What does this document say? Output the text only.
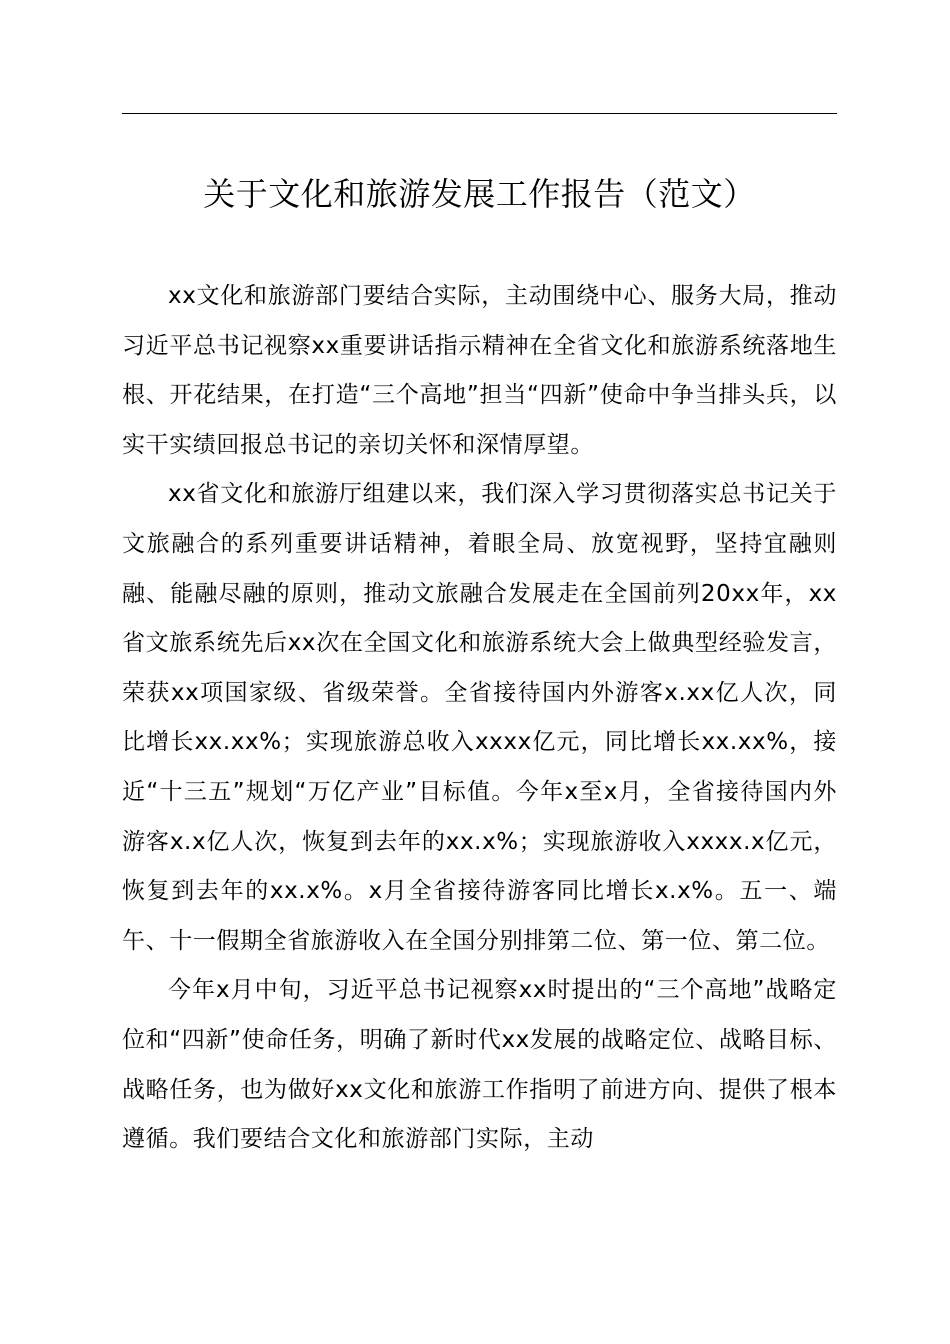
关于文化和旅游发展工作报告（范文）

xx文化和旅游部门要结合实际，主动围绕中心、服务大局，推动习近平总书记视察xx重要讲话指示精神在全省文化和旅游系统落地生根、开花结果，在打造“三个高地”担当“四新”使命中争当排头兵，以实干实绩回报总书记的亲切关怀和深情厚望。

xx省文化和旅游厅组建以来，我们深入学习贯彻落实总书记关于文旅融合的系列重要讲话精神，着眼全局、放宽视野，坚持宜融则融、能融尽融的原则，推动文旅融合发展走在全国前列20xx年，xx省文旅系统先后xx次在全国文化和旅游系统大会上做典型经验发言，荣获xx项国家级、省级荣誉。全省接待国内外游客x.xx亿人次，同比增长xx.xx%；实现旅游总收入xxxx亿元，同比增长xx.xx%，接近“十三五”规划“万亿产业”目标值。今年x至x月，全省接待国内外游客x.x亿人次，恢复到去年的xx.x%；实现旅游收入xxxx.x亿元，恢复到去年的xx.x%。x月全省接待游客同比增长x.x%。五一、端午、十一假期全省旅游收入在全国分别排第二位、第一位、第二位。

今年x月中旬，习近平总书记视察xx时提出的“三个高地”战略定位和“四新”使命任务，明确了新时代xx发展的战略定位、战略目标、战略任务，也为做好xx文化和旅游工作指明了前进方向、提供了根本遵循。我们要结合文化和旅游部门实际，主动
